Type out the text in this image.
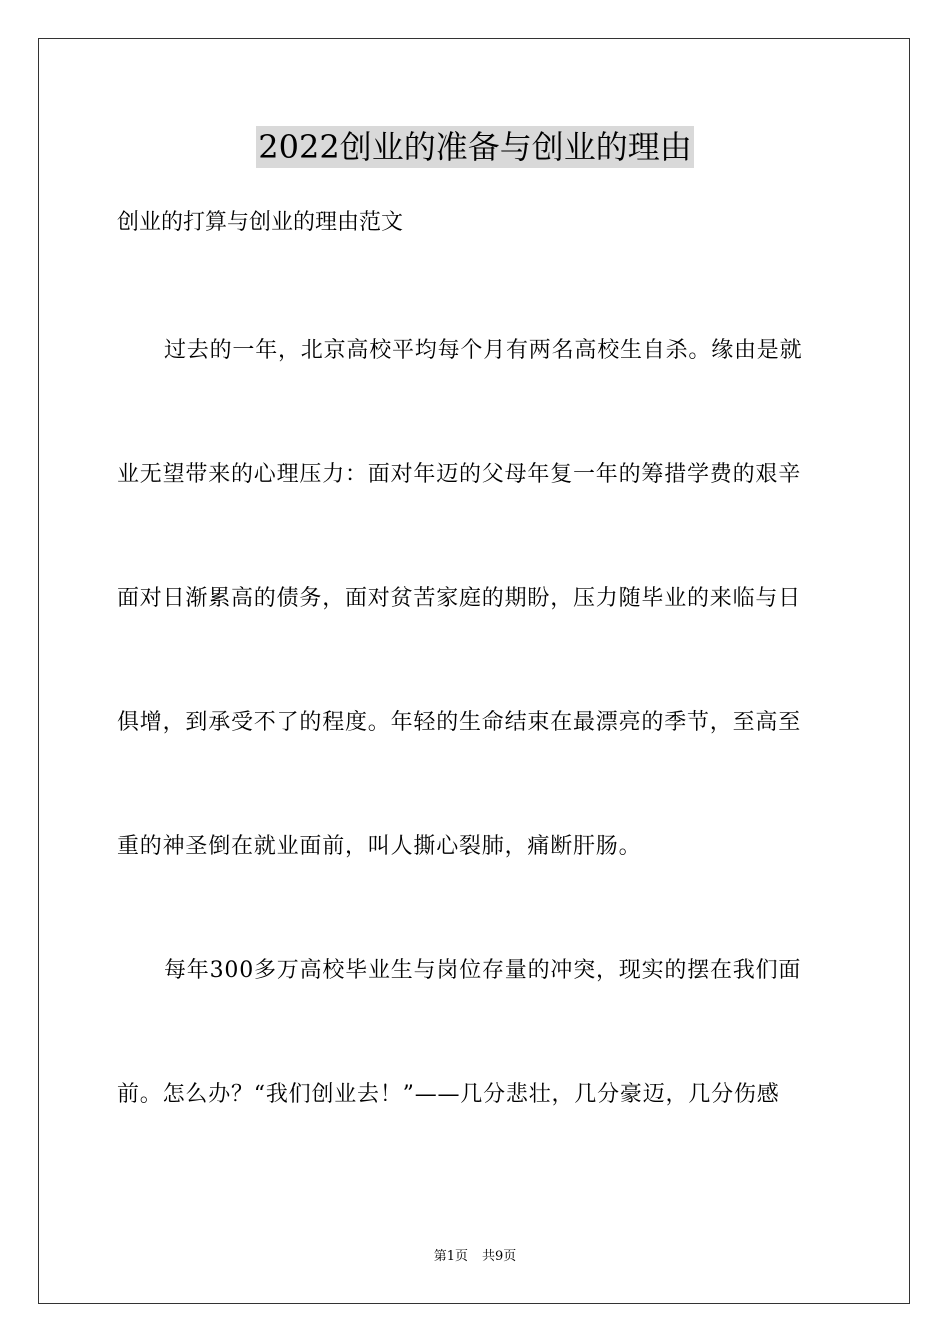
2022创业的准备与创业的理由
创业的打算与创业的理由范文
过去的一年，北京高校平均每个月有两名高校生自杀。缘由是就
业无望带来的心理压力：面对年迈的父母年复一年的筹措学费的艰辛
面对日渐累高的债务，面对贫苦家庭的期盼，压力随毕业的来临与日
俱增，到承受不了的程度。年轻的生命结束在最漂亮的季节，至高至
重的神圣倒在就业面前，叫人撕心裂肺，痛断肝肠。
每年300多万高校毕业生与岗位存量的冲突，现实的摆在我们面
前。怎么办？“我们创业去！”——几分悲壮，几分豪迈，几分伤感
第1页 共9页
